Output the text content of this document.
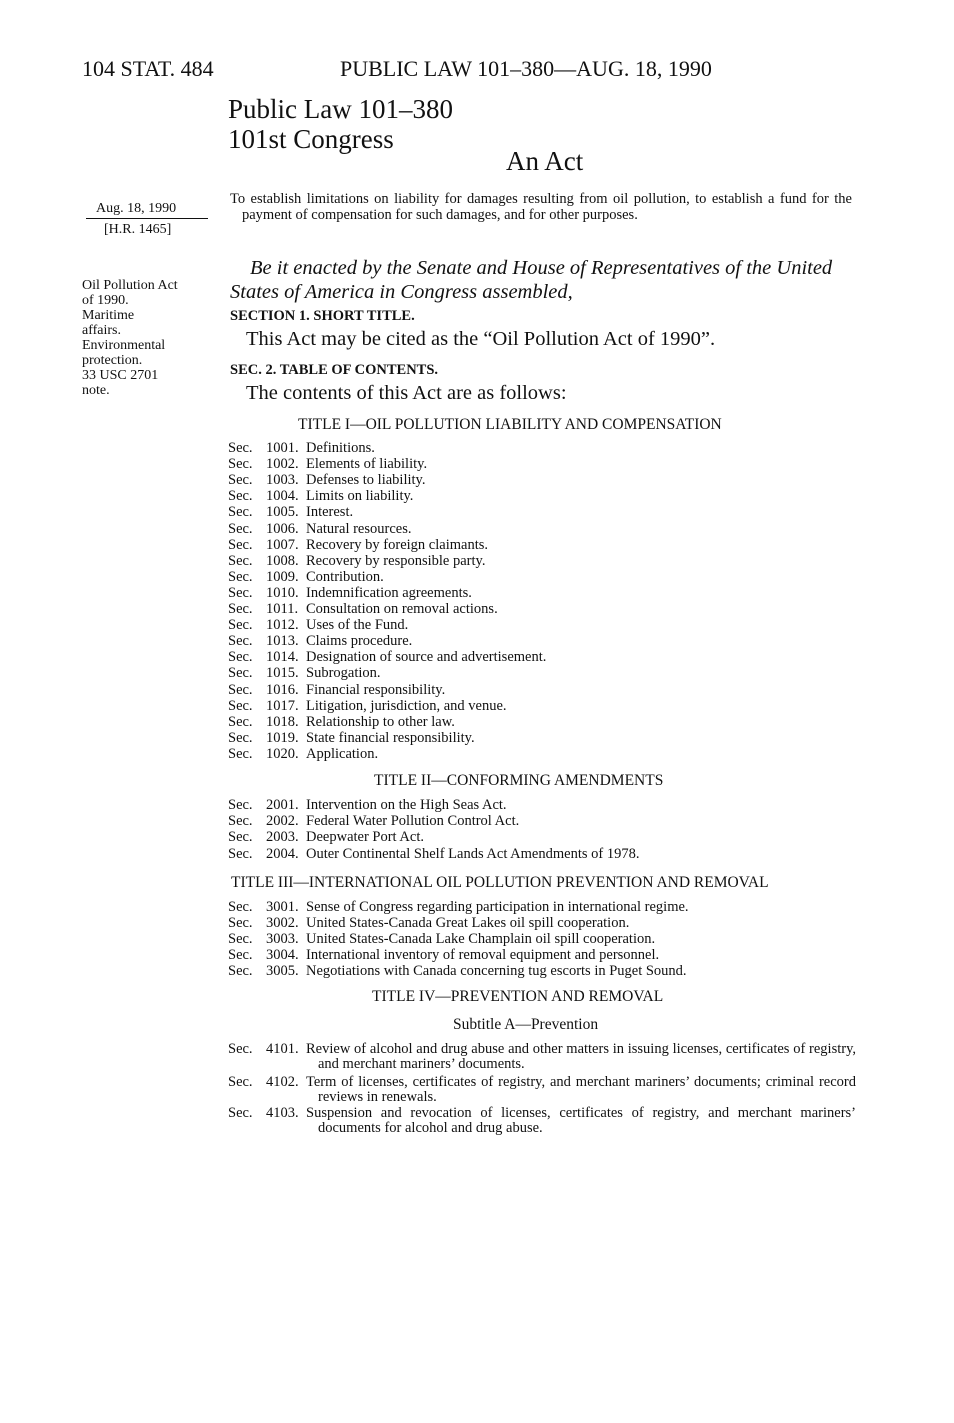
104 STAT. 484	PUBLIC LAW 101–380—AUG. 18, 1990
Public Law 101–380
101st Congress
An Act
Aug. 18, 1990
[H.R. 1465]
Oil Pollution Act
of 1990.
Maritime
affairs.
Environmental
protection.
33 USC 2701
note.
To establish limitations on liability for damages resulting from oil pollution, to establish a fund for the payment of compensation for such damages, and for other purposes.
Be it enacted by the Senate and House of Representatives of the United States of America in Congress assembled,
SECTION 1. SHORT TITLE.
This Act may be cited as the “Oil Pollution Act of 1990”.
SEC. 2. TABLE OF CONTENTS.
The contents of this Act are as follows:
TITLE I—OIL POLLUTION LIABILITY AND COMPENSATION
Sec. 1001. Definitions.
Sec. 1002. Elements of liability.
Sec. 1003. Defenses to liability.
Sec. 1004. Limits on liability.
Sec. 1005. Interest.
Sec. 1006. Natural resources.
Sec. 1007. Recovery by foreign claimants.
Sec. 1008. Recovery by responsible party.
Sec. 1009. Contribution.
Sec. 1010. Indemnification agreements.
Sec. 1011. Consultation on removal actions.
Sec. 1012. Uses of the Fund.
Sec. 1013. Claims procedure.
Sec. 1014. Designation of source and advertisement.
Sec. 1015. Subrogation.
Sec. 1016. Financial responsibility.
Sec. 1017. Litigation, jurisdiction, and venue.
Sec. 1018. Relationship to other law.
Sec. 1019. State financial responsibility.
Sec. 1020. Application.
TITLE II—CONFORMING AMENDMENTS
Sec. 2001. Intervention on the High Seas Act.
Sec. 2002. Federal Water Pollution Control Act.
Sec. 2003. Deepwater Port Act.
Sec. 2004. Outer Continental Shelf Lands Act Amendments of 1978.
TITLE III—INTERNATIONAL OIL POLLUTION PREVENTION AND REMOVAL
Sec. 3001. Sense of Congress regarding participation in international regime.
Sec. 3002. United States-Canada Great Lakes oil spill cooperation.
Sec. 3003. United States-Canada Lake Champlain oil spill cooperation.
Sec. 3004. International inventory of removal equipment and personnel.
Sec. 3005. Negotiations with Canada concerning tug escorts in Puget Sound.
TITLE IV—PREVENTION AND REMOVAL
Subtitle A—Prevention
Sec. 4101. Review of alcohol and drug abuse and other matters in issuing licenses, certificates of registry, and merchant mariners’ documents.
Sec. 4102. Term of licenses, certificates of registry, and merchant mariners’ documents; criminal record reviews in renewals.
Sec. 4103. Suspension and revocation of licenses, certificates of registry, and merchant mariners’ documents for alcohol and drug abuse.
